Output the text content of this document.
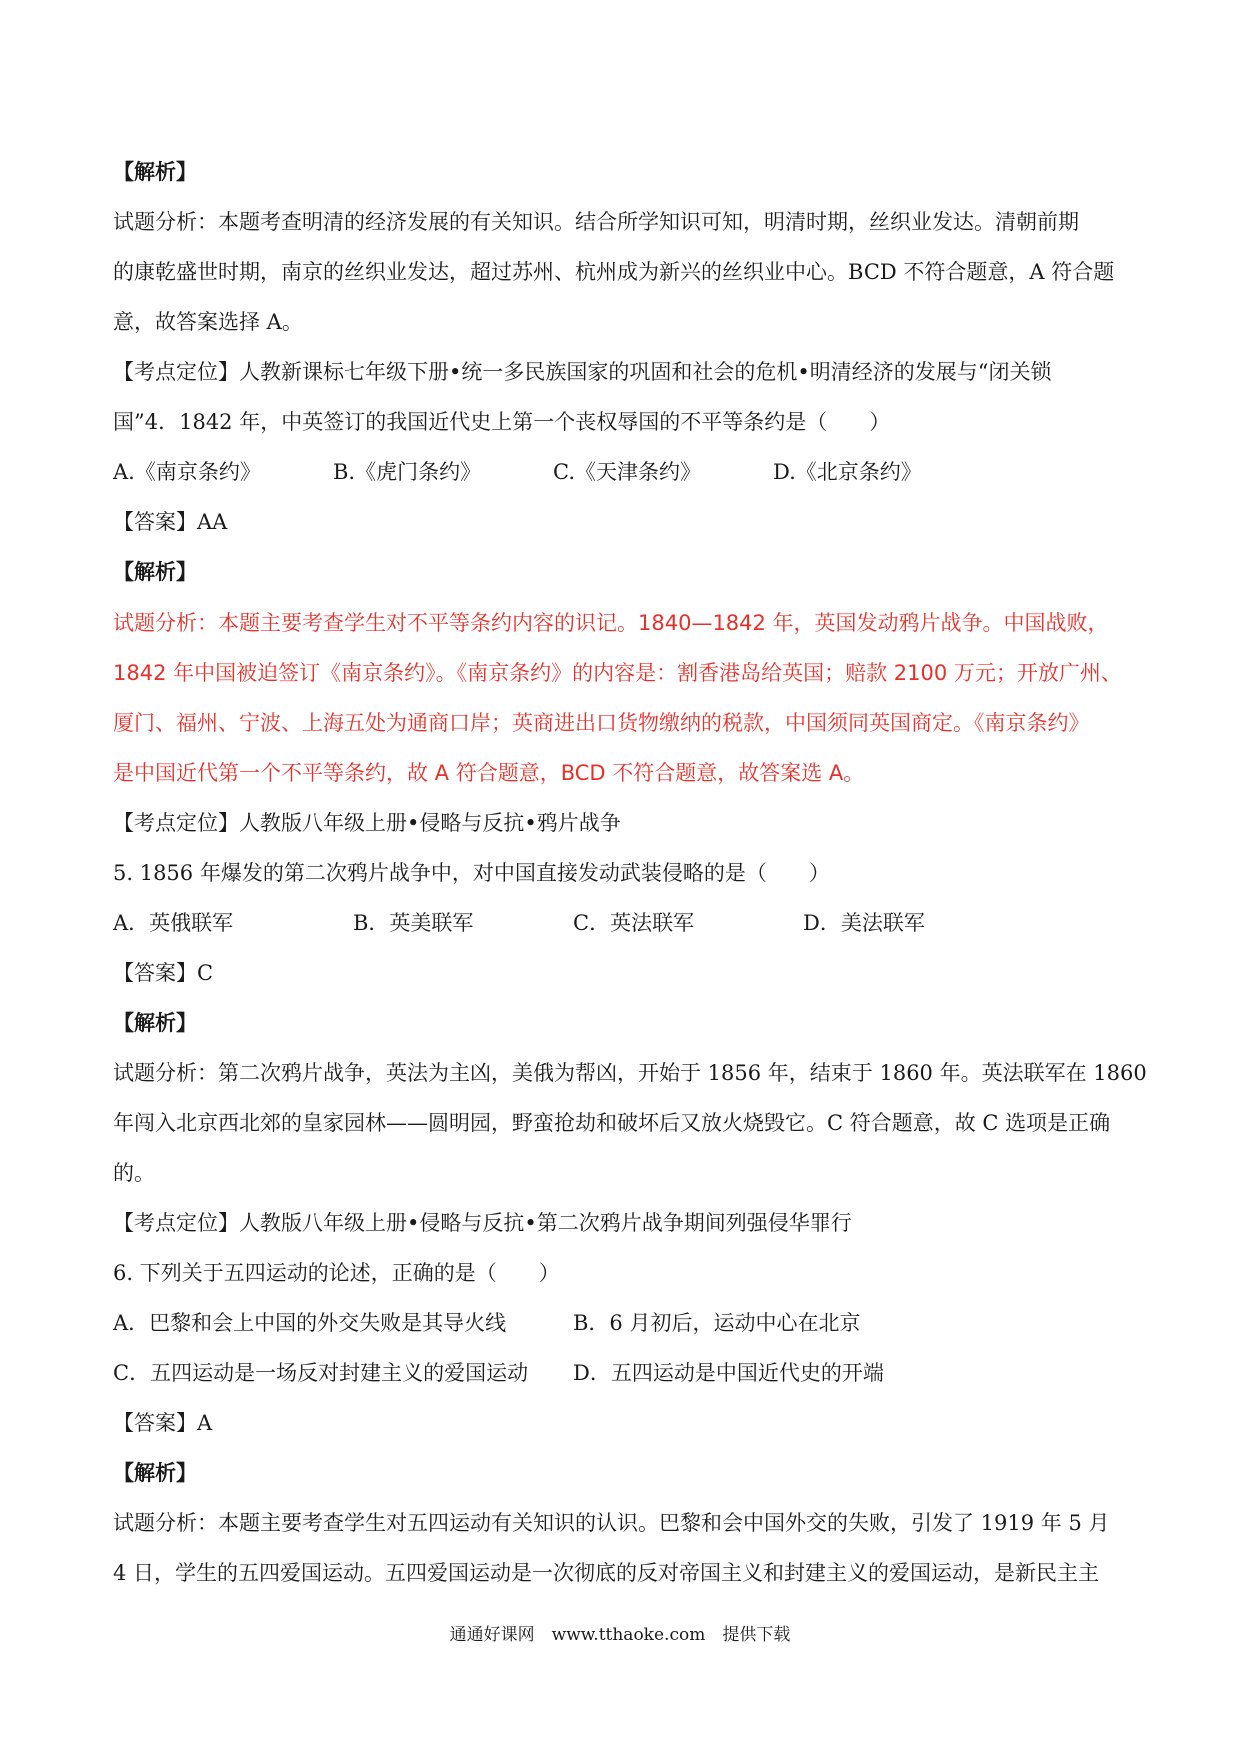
【解析】
试题分析：本题考查明清的经济发展的有关知识。结合所学知识可知，明清时期，丝织业发达。清朝前期
的康乾盛世时期，南京的丝织业发达，超过苏州、杭州成为新兴的丝织业中心。BCD 不符合题意，A 符合题
意，故答案选择 A。
【考点定位】人教新课标七年级下册•统一多民族国家的巩固和社会的危机•明清经济的发展与“闭关锁
国”4．1842 年，中英签订的我国近代史上第一个丧权辱国的不平等条约是（　　）
A.《南京条约》	B.《虎门条约》	C.《天津条约》	D.《北京条约》
【答案】AA
【解析】
试题分析：本题主要考查学生对不平等条约内容的识记。1840—1842 年，英国发动鸦片战争。中国战败，
1842 年中国被迫签订《南京条约》。《南京条约》的内容是：割香港岛给英国；赔款 2100 万元；开放广州、
厦门、福州、宁波、上海五处为通商口岸；英商进出口货物缴纳的税款，中国须同英国商定。《南京条约》
是中国近代第一个不平等条约，故 A 符合题意，BCD 不符合题意，故答案选 A。
【考点定位】人教版八年级上册•侵略与反抗•鸦片战争
5. 1856 年爆发的第二次鸦片战争中，对中国直接发动武装侵略的是（　　）
A．英俄联军	B．英美联军	C．英法联军	D．美法联军
【答案】C
【解析】
试题分析：第二次鸦片战争，英法为主凶，美俄为帮凶，开始于 1856 年，结束于 1860 年。英法联军在 1860
年闯入北京西北郊的皇家园林——圆明园，野蛮抢劫和破坏后又放火烧毁它。C 符合题意，故 C 选项是正确
的。
【考点定位】人教版八年级上册•侵略与反抗•第二次鸦片战争期间列强侵华罪行
6. 下列关于五四运动的论述，正确的是（　　）
A．巴黎和会上中国的外交失败是其导火线	B．6 月初后，运动中心在北京
C．五四运动是一场反对封建主义的爱国运动 D．五四运动是中国近代史的开端
【答案】A
【解析】
试题分析：本题主要考查学生对五四运动有关知识的认识。巴黎和会中国外交的失败，引发了 1919 年 5 月
4 日，学生的五四爱国运动。五四爱国运动是一次彻底的反对帝国主义和封建主义的爱国运动，是新民主主
通通好课网　www.tthaoke.com　提供下载
